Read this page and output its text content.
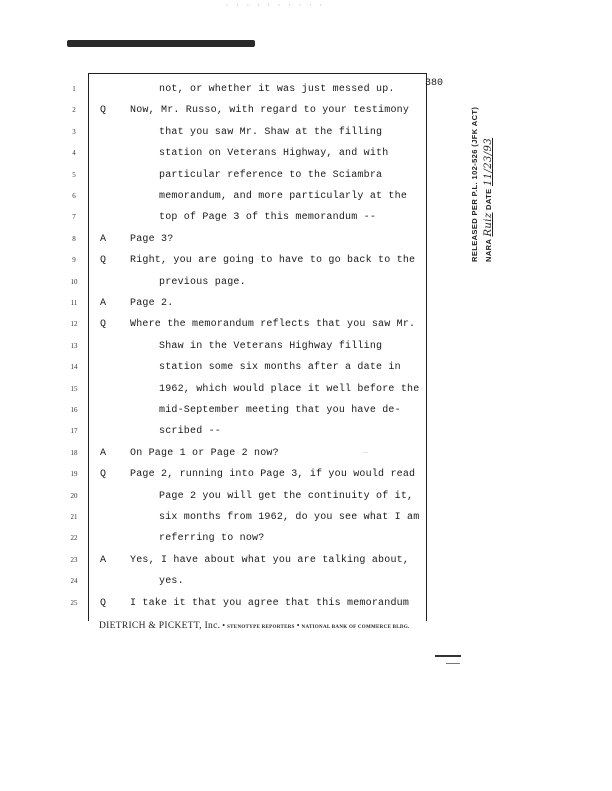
· · · · · · · · · ·
380
1	not, or whether it was just messed up.
2	Q Now, Mr. Russo, with regard to your testimony
3	that you saw Mr. Shaw at the filling
4	station on Veterans Highway, and with
5	particular reference to the Sciambra
6	memorandum, and more particularly at the
7	top of Page 3 of this memorandum --
8	A Page 3?
9	Q Right, you are going to have to go back to the
10	previous page.
11	A Page 2.
12	Q Where the memorandum reflects that you saw Mr.
13	Shaw in the Veterans Highway filling
14	station some six months after a date in
15	1962, which would place it well before the
16	mid-September meeting that you have de-
17	scribed --
18	A On Page 1 or Page 2 now?
19	Q Page 2, running into Page 3, if you would read
20	Page 2 you will get the continuity of it,
21	six months from 1962, do you see what I am
22	referring to now?
23	A Yes, I have about what you are talking about,
24	yes.
25	Q I take it that you agree that this memorandum
RELEASED PER P.L. 102-526 (JFK ACT) NARA Ruiz DATE 11/23/93
~~
DIETRICH & PICKETT, Inc. • STENOTYPE REPORTERS • NATIONAL BANK OF COMMERCE BLDG.
